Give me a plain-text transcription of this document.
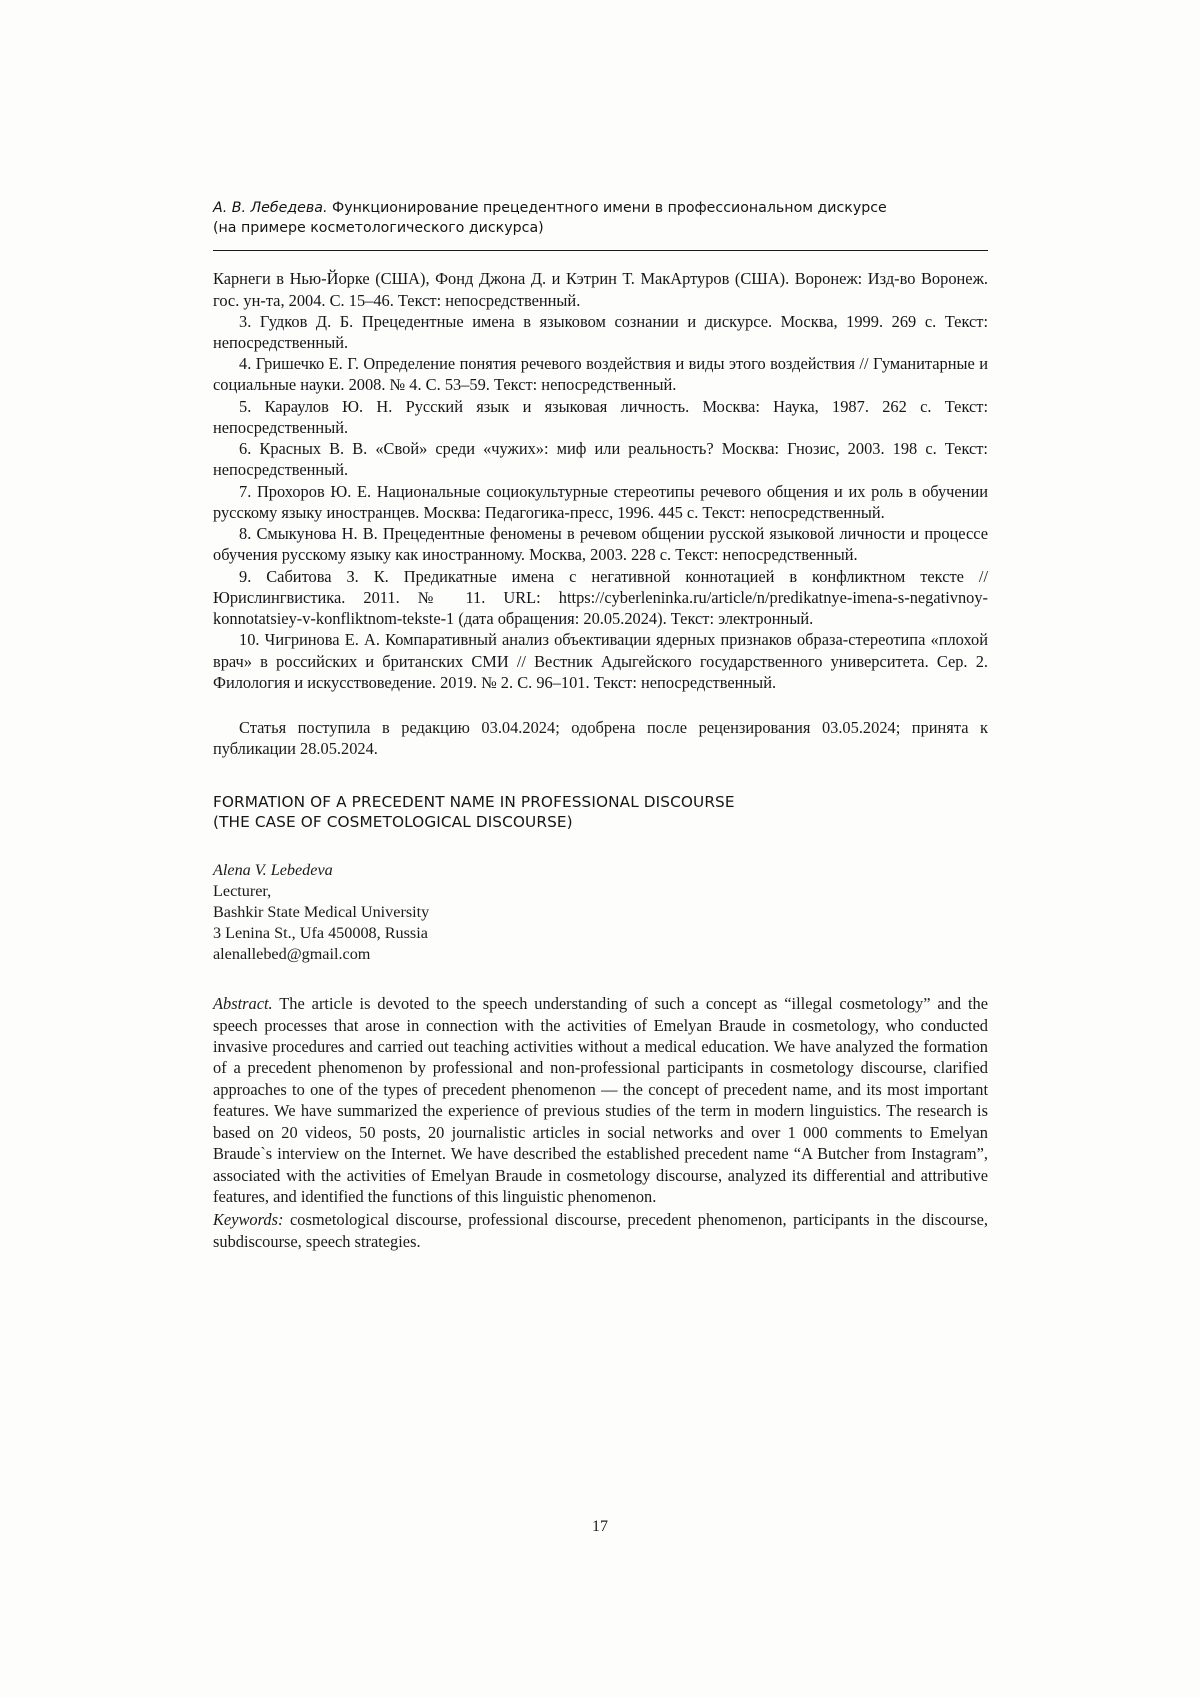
А. В. Лебедева. Функционирование прецедентного имени в профессиональном дискурсе
(на примере косметологического дискурса)

Карнеги в Нью-Йорке (США), Фонд Джона Д. и Кэтрин Т. МакАртуров (США). Воронеж: Изд-во Воронеж. гос. ун-та, 2004. С. 15–46. Текст: непосредственный.

3. Гудков Д. Б. Прецедентные имена в языковом сознании и дискурсе. Москва, 1999. 269 с. Текст: непосредственный.

4. Гришечко Е. Г. Определение понятия речевого воздействия и виды этого воздействия // Гуманитарные и социальные науки. 2008. № 4. С. 53–59. Текст: непосредственный.

5. Караулов Ю. Н. Русский язык и языковая личность. Москва: Наука, 1987. 262 с. Текст: непосредственный.

6. Красных В. В. «Свой» среди «чужих»: миф или реальность? Москва: Гнозис, 2003. 198 с. Текст: непосредственный.

7. Прохоров Ю. Е. Национальные социокультурные стереотипы речевого общения и их роль в обучении русскому языку иностранцев. Москва: Педагогика-пресс, 1996. 445 с. Текст: непосредственный.

8. Смыкунова Н. В. Прецедентные феномены в речевом общении русской языковой личности и процессе обучения русскому языку как иностранному. Москва, 2003. 228 с. Текст: непосредственный.

9. Сабитова З. К. Предикатные имена с негативной коннотацией в конфликтном тексте // Юрислингвистика. 2011. № 11. URL: https://cyberleninka.ru/article/n/predikatnye-imena-s-negativnoy-konnotatsiey-v-konfliktnom-tekste-1 (дата обращения: 20.05.2024). Текст: электронный.

10. Чигринова Е. А. Компаративный анализ объективации ядерных признаков образа-стереотипа «плохой врач» в российских и британских СМИ // Вестник Адыгейского государственного университета. Сер. 2. Филология и искусствоведение. 2019. № 2. С. 96–101. Текст: непосредственный.

Статья поступила в редакцию 03.04.2024; одобрена после рецензирования 03.05.2024; принята к публикации 28.05.2024.
FORMATION OF A PRECEDENT NAME IN PROFESSIONAL DISCOURSE
(THE CASE OF COSMETOLOGICAL DISCOURSE)
Alena V. Lebedeva
Lecturer,
Bashkir State Medical University
3 Lenina St., Ufa 450008, Russia
alenallebed@gmail.com
Abstract. The article is devoted to the speech understanding of such a concept as “illegal cosmetology” and the speech processes that arose in connection with the activities of Emelyan Braude in cosmetology, who conducted invasive procedures and carried out teaching activities without a medical education. We have analyzed the formation of a precedent phenomenon by professional and non-professional participants in cosmetology discourse, clarified approaches to one of the types of precedent phenomenon — the concept of precedent name, and its most important features. We have summarized the experience of previous studies of the term in modern linguistics. The research is based on 20 videos, 50 posts, 20 journalistic articles in social networks and over 1 000 comments to Emelyan Braude`s interview on the Internet. We have described the established precedent name “A Butcher from Instagram”, associated with the activities of Emelyan Braude in cosmetology discourse, analyzed its differential and attributive features, and identified the functions of this linguistic phenomenon.
Keywords: cosmetological discourse, professional discourse, precedent phenomenon, participants in the discourse, subdiscourse, speech strategies.
17
